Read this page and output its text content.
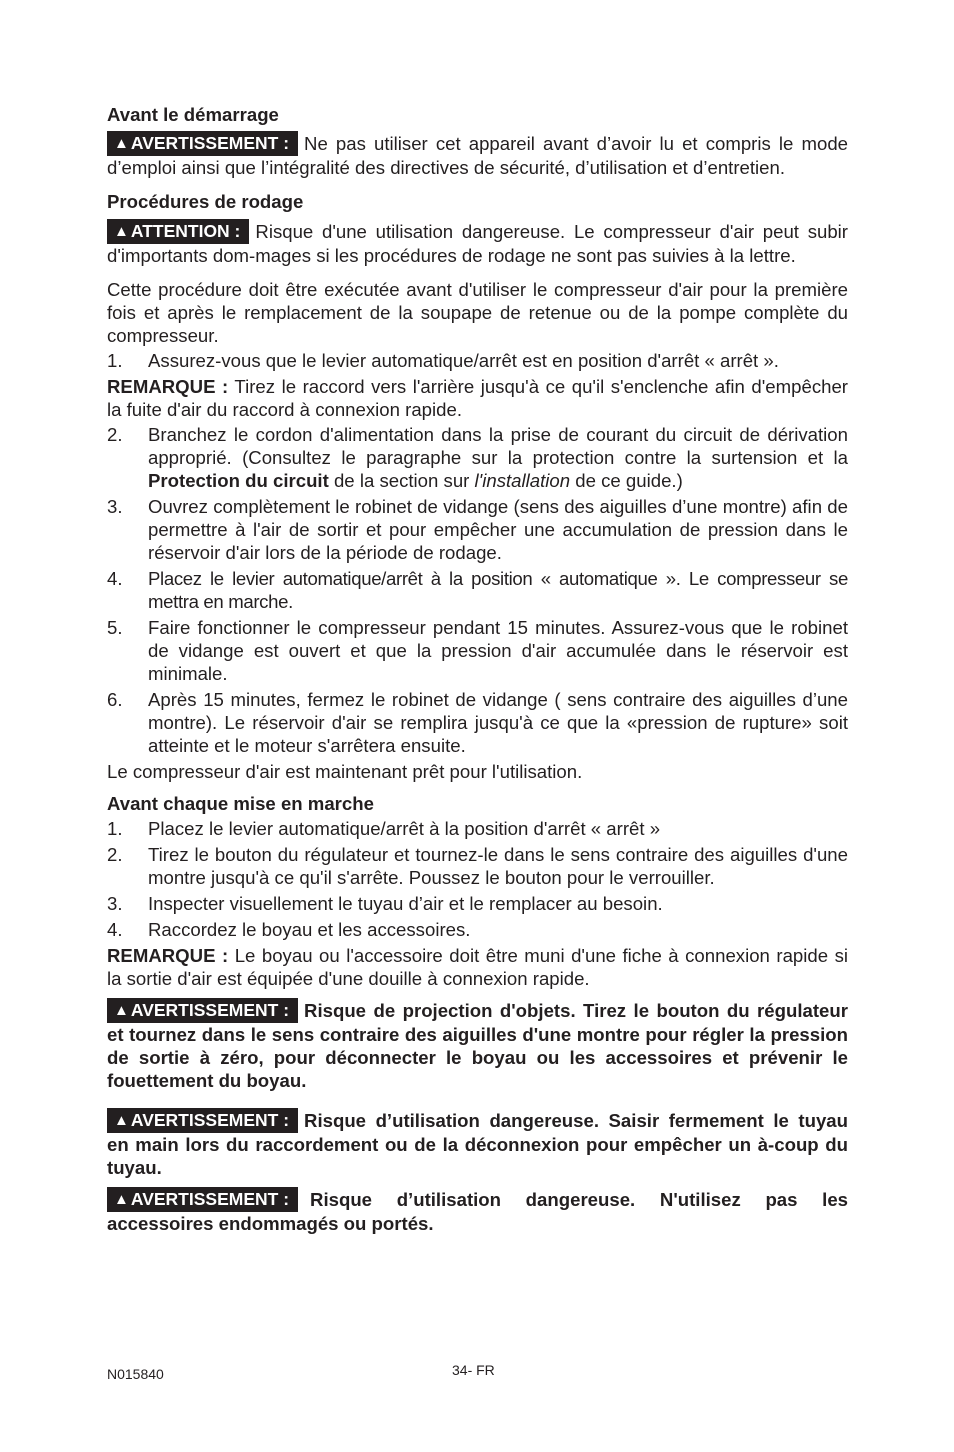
Avant le démarrage

▲ AVERTISSEMENT : Ne pas utiliser cet appareil avant d’avoir lu et compris le mode d’emploi ainsi que l’intégralité des directives de sécurité, d’utilisation et d’entretien.

Procédures de rodage

▲ ATTENTION : Risque d'une utilisation dangereuse. Le compresseur d'air peut subir d'importants dom-mages si les procédures de rodage ne sont pas suivies à la lettre.

Cette procédure doit être exécutée avant d'utiliser le compresseur d'air pour la première fois et après le remplacement de la soupape de retenue ou de la pompe complète du compresseur.

1.	Assurez-vous que le levier automatique/arrêt est en position d'arrêt « arrêt ».

REMARQUE : Tirez le raccord vers l'arrière jusqu'à ce qu'il s'enclenche afin d'empêcher la fuite d'air du raccord à connexion rapide.

2.	Branchez le cordon d'alimentation dans la prise de courant du circuit de dérivation approprié. (Consultez le paragraphe sur la protection contre la surtension et la Protection du circuit de la section sur l'installation de ce guide.)
3.	Ouvrez complètement le robinet de vidange (sens des aiguilles d’une montre) afin de permettre à l'air de sortir et pour empêcher une accumulation de pression dans le réservoir d'air lors de la période de rodage.
4.	Placez le levier automatique/arrêt à la position « automatique ». Le compresseur se mettra en marche.
5.	Faire fonctionner le compresseur pendant 15 minutes. Assurez-vous que le robinet de vidange est ouvert et que la pression d'air accumulée dans le réservoir est minimale.
6.	Après 15 minutes, fermez le robinet de vidange ( sens contraire des aiguilles d’une montre). Le réservoir d'air se remplira jusqu'à ce que la «pression de rupture» soit atteinte et le moteur s'arrêtera ensuite.

Le compresseur d'air est maintenant prêt pour l'utilisation.

Avant chaque mise en marche
1.	Placez le levier automatique/arrêt à la position d'arrêt « arrêt »
2.	Tirez le bouton du régulateur et tournez-le dans le sens contraire des aiguilles d'une montre jusqu'à ce qu'il s'arrête. Poussez le bouton pour le verrouiller.
3.	Inspecter visuellement le tuyau d’air et le remplacer au besoin.
4.	Raccordez le boyau et les accessoires.

REMARQUE : Le boyau ou l'accessoire doit être muni d'une fiche à connexion rapide si la sortie d'air est équipée d'une douille à connexion rapide.

▲ AVERTISSEMENT : Risque de projection d'objets. Tirez le bouton du régulateur et tournez dans le sens contraire des aiguilles d'une montre pour régler la pression de sortie à zéro, pour déconnecter le boyau ou les accessoires et prévenir le fouettement du boyau.

▲ AVERTISSEMENT : Risque d’utilisation dangereuse. Saisir fermement le tuyau en main lors du raccordement ou de la déconnexion pour empêcher un à-coup du tuyau.

▲ AVERTISSEMENT : Risque d’utilisation dangereuse. N'utilisez pas les accessoires endommagés ou portés.

N015840	34- FR
